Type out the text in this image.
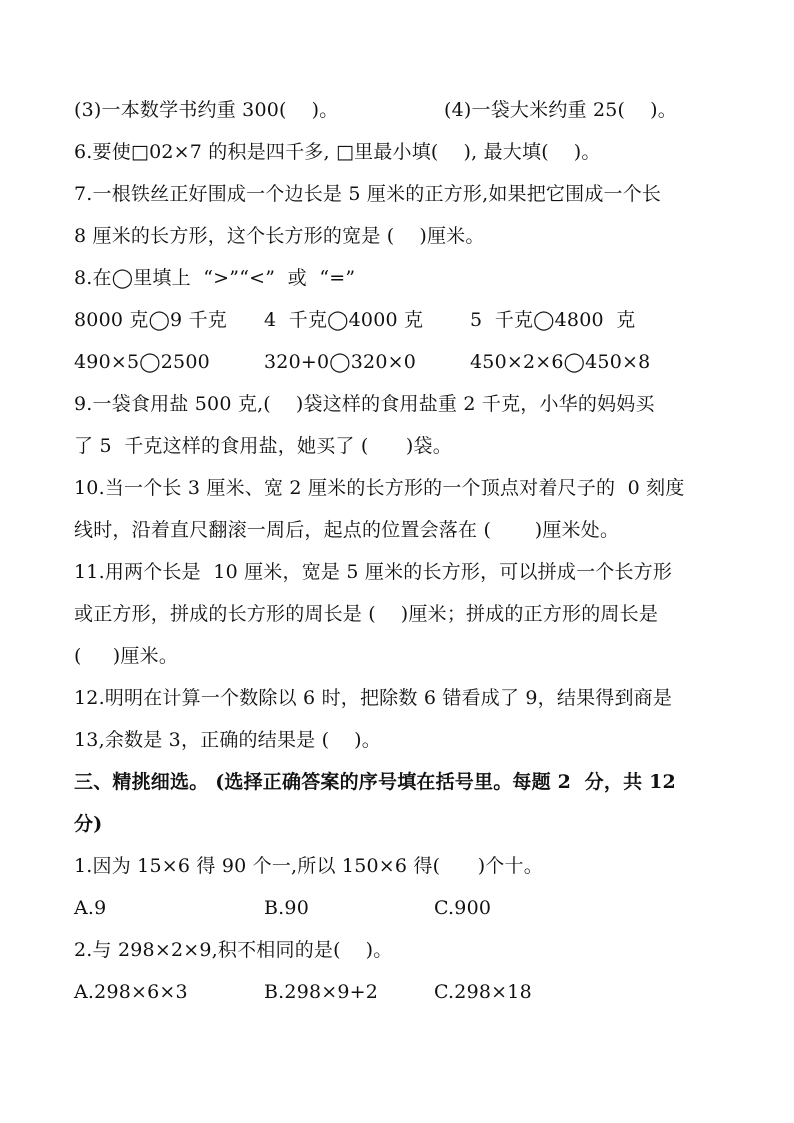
(3)一本数学书约重 300(    )。

	(4)一袋大米约重 25(    )。

6.要使□02×7 的积是四千多, □里最小填(    ), 最大填(    )。
7.一根铁丝正好围成一个边长是 5 厘米的正方形,如果把它围成一个长
8 厘米的长方形，这个长方形的宽是 (    )厘米。
8.在◯里填上  “>”“<”  或  “=”

8000 克◯9 千克

4  千克◯4000 克

5  千克◯4800  克

490×5◯2500

	320+0◯320×0

	450×2×6◯450×8

9.一袋食用盐 500 克,(    )袋这样的食用盐重 2 千克，小华的妈妈买
了 5  千克这样的食用盐，她买了 (      )袋。
10.当一个长 3 厘米、宽 2 厘米的长方形的一个顶点对着尺子的  0 刻度
线时，沿着直尺翻滚一周后，起点的位置会落在 (       )厘米处。
11.用两个长是  10 厘米，宽是 5 厘米的长方形，可以拼成一个长方形
或正方形，拼成的长方形的周长是 (    )厘米；拼成的正方形的周长是
(     )厘米。
12.明明在计算一个数除以 6 时，把除数 6 错看成了 9，结果得到商是
13,余数是 3，正确的结果是 (    )。
三、精挑细选。 (选择正确答案的序号填在括号里。每题 2  分，共 12
分)
1.因为 15×6 得 90 个一,所以 150×6 得(      )个十。

A.9

	B.90

	C.900

2.与 298×2×9,积不相同的是(    )。

A.298×6×3

	B.298×9+2

	C.298×18
